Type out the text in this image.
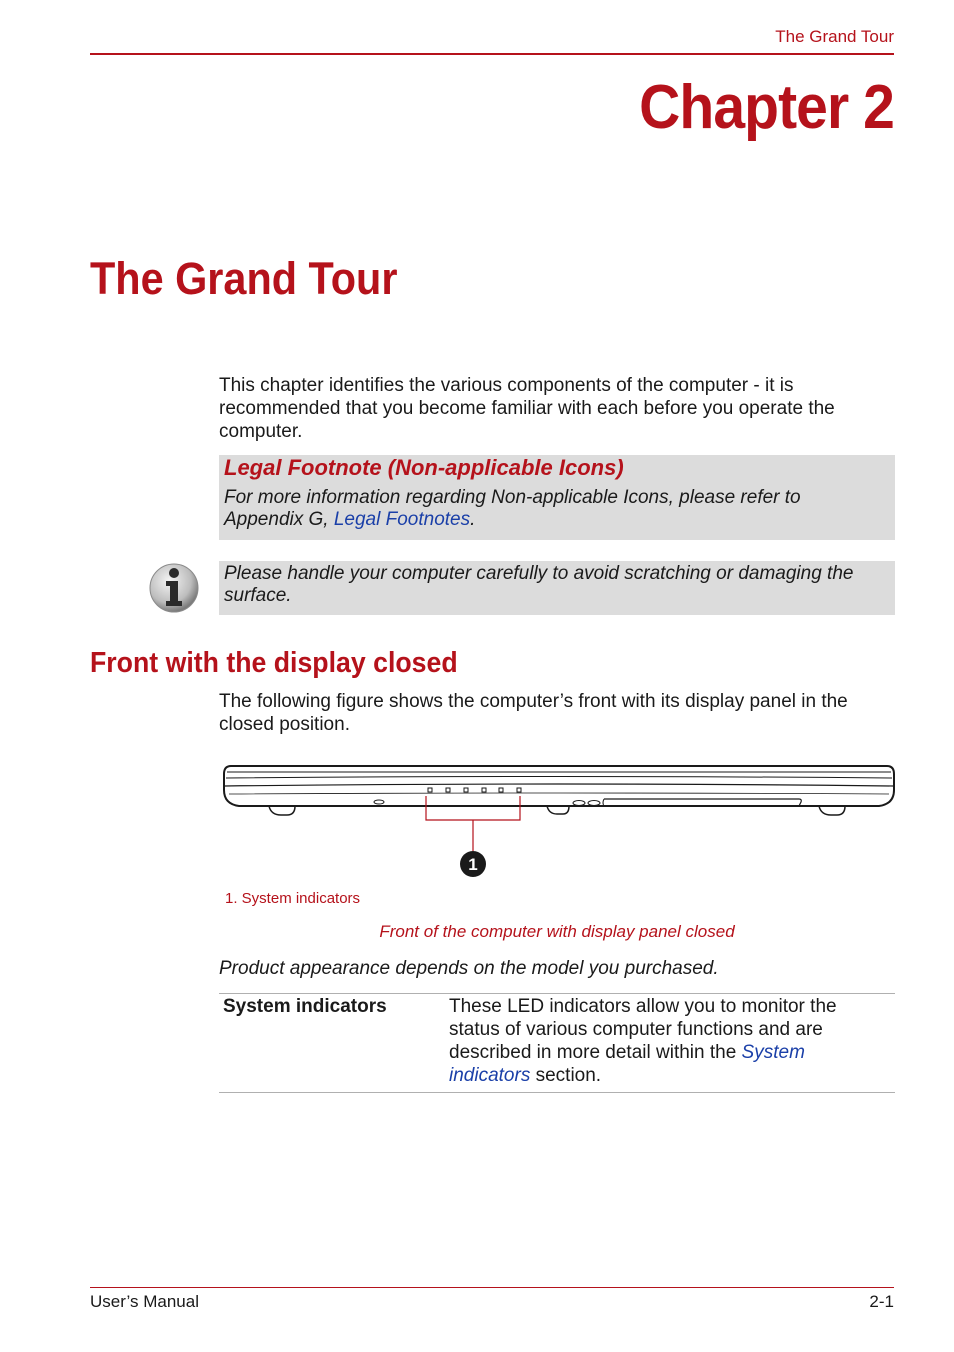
The Grand Tour
Chapter 2
The Grand Tour
This chapter identifies the various components of the computer - it is recommended that you become familiar with each before you operate the computer.
Legal Footnote (Non-applicable Icons)
For more information regarding Non-applicable Icons, please refer to Appendix G, Legal Footnotes.
Please handle your computer carefully to avoid scratching or damaging the surface.
Front with the display closed
The following figure shows the computer’s front with its display panel in the closed position.
1
1. System indicators
Front of the computer with display panel closed
Product appearance depends on the model you purchased.
System indicators	These LED indicators allow you to monitor the status of various computer functions and are described in more detail within the System indicators section.
User’s Manual	2-1
